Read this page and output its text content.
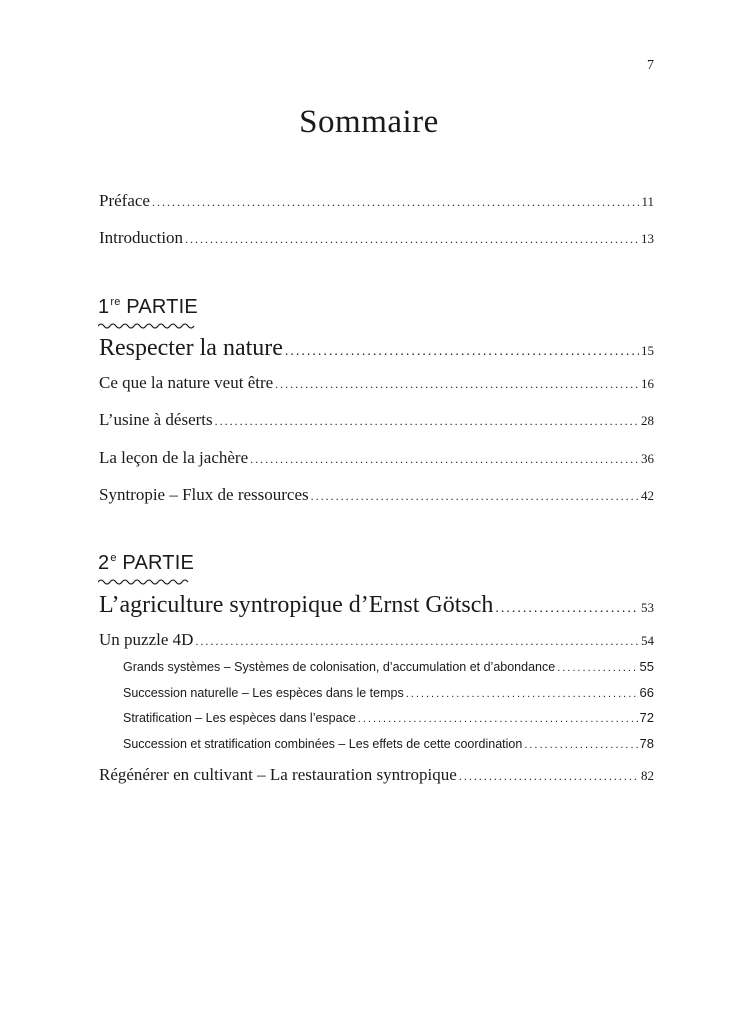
7
Sommaire
Préface .....	11
Introduction .....	13
1re PARTIE
Respecter la nature .....	15
Ce que la nature veut être .....	16
L’usine à déserts .....	28
La leçon de la jachère .....	36
Syntropie – Flux de ressources .....	42
2e PARTIE
L’agriculture syntropique d’Ernst Götsch .....	53
Un puzzle 4D .....	54
Grands systèmes – Systèmes de colonisation, d’accumulation et d’abondance .....	55
Succession naturelle – Les espèces dans le temps .....	66
Stratification – Les espèces dans l’espace .....	72
Succession et stratification combinées – Les effets de cette coordination .....	78
Régénérer en cultivant – La restauration syntropique .....	82
